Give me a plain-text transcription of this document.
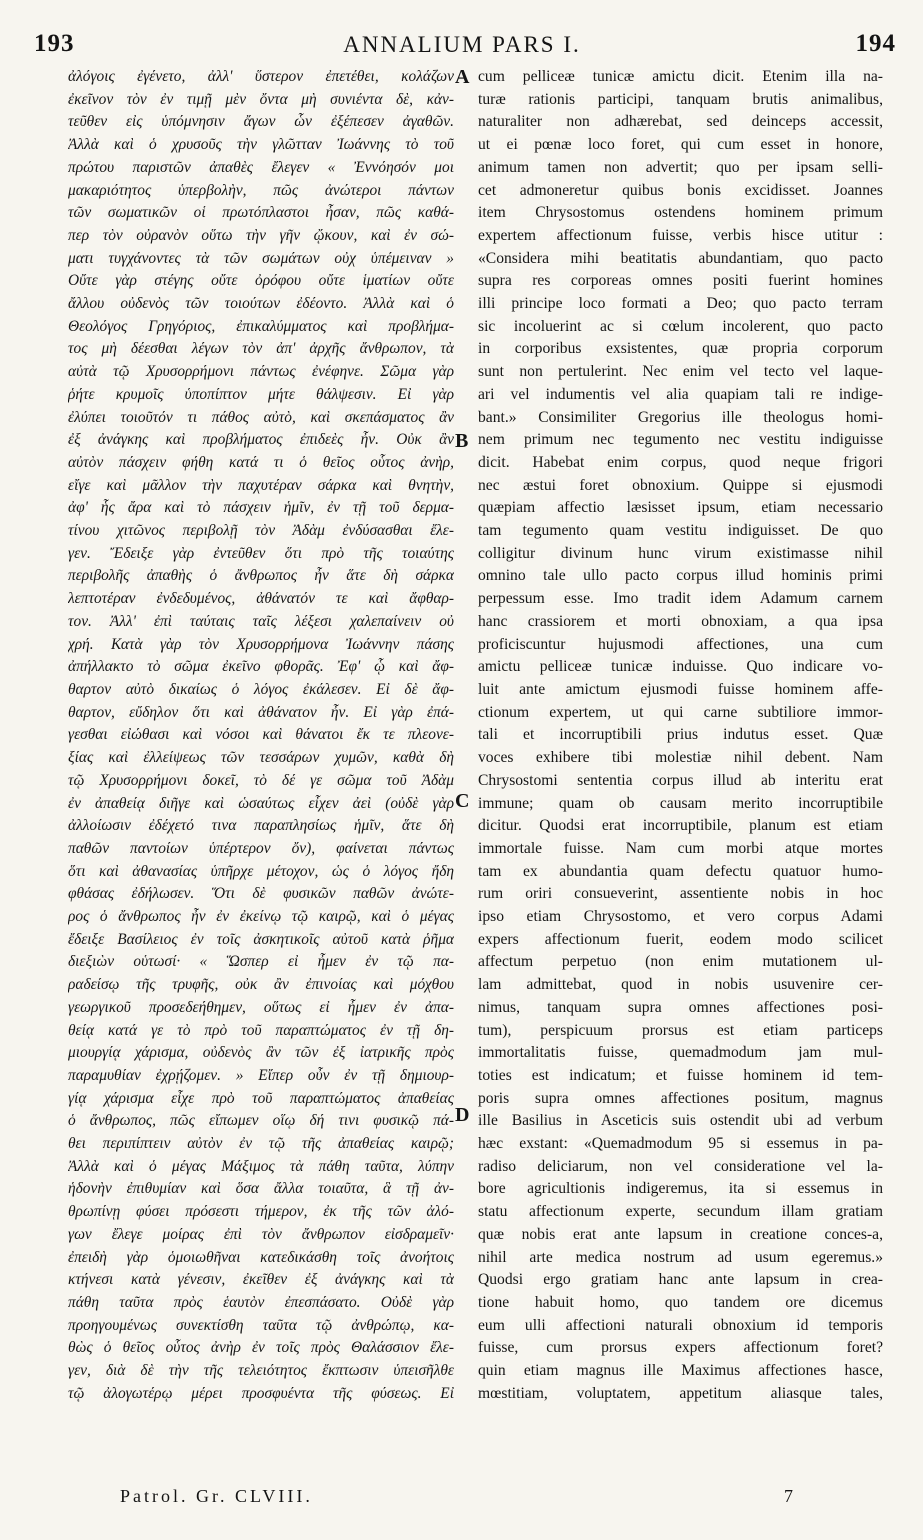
193	ANNALIUM PARS I.	194
ἀλόγοις ἐγένετο, ἀλλ' ὕστερον ἐπετέθει, κολάζων
ἐκεῖνον τὸν ἐν τιμῇ μὲν ὄντα μὴ συνιέντα δὲ, κἀν-
τεῦθεν εἰς ὑπόμνησιν ἄγων ὧν ἐξέπεσεν ἀγαθῶν.
Ἀλλὰ καὶ ὁ χρυσοῦς τὴν γλῶτταν Ἰωάννης τὸ τοῦ
πρώτου παριστῶν ἀπαθὲς ἔλεγεν « Ἐννόησόν μοι
μακαριότητος ὑπερβολὴν, πῶς ἀνώτεροι πάντων
τῶν σωματικῶν οἱ πρωτόπλαστοι ἦσαν, πῶς καθά-
περ τὸν οὐρανὸν οὕτω τὴν γῆν ᾤκουν, καὶ ἐν σώ-
ματι τυγχάνοντες τὰ τῶν σωμάτων οὐχ ὑπέμειναν »
Οὔτε γὰρ στέγης οὔτε ὀρόφου οὔτε ἱματίων οὔτε
ἄλλου οὐδενὸς τῶν τοιούτων ἐδέοντο. Ἀλλὰ καὶ ὁ
Θεολόγος Γρηγόριος, ἐπικαλύμματος καὶ προβλήμα-
τος μὴ δέεσθαι λέγων τὸν ἀπ' ἀρχῆς ἄνθρωπον, τὰ
αὐτὰ τῷ Χρυσορρήμονι πάντως ἐνέφηνε. Σῶμα γὰρ
ῥήτε κρυμοῖς ὑποπίπτον μήτε θάλψεσιν. Εἰ γὰρ
ἐλύπει τοιοῦτόν τι πάθος αὐτὸ, καὶ σκεπάσματος ἂν
ἐξ ἀνάγκης καὶ προβλήματος ἐπιδεὲς ἦν. Οὐκ ἂν
αὐτὸν πάσχειν φήθη κατά τι ὁ θεῖος οὗτος ἀνὴρ,
εἴγε καὶ μᾶλλον τὴν παχυτέραν σάρκα καὶ θνητὴν,
ἀφ' ἧς ἄρα καὶ τὸ πάσχειν ἡμῖν, ἐν τῇ τοῦ δερμα-
τίνου χιτῶνος περιβολῇ τὸν Ἀδὰμ ἐνδύσασθαι ἔλε-
γεν. Ἔδειξε γὰρ ἐντεῦθεν ὅτι πρὸ τῆς τοιαύτης
περιβολῆς ἀπαθὴς ὁ ἄνθρωπος ἦν ἅτε δὴ σάρκα
λεπτοτέραν ἐνδεδυμένος, ἀθάνατόν τε καὶ ἄφθαρ-
τον. Ἀλλ' ἐπὶ ταύταις ταῖς λέξεσι χαλεπαίνειν οὐ
χρή. Κατὰ γὰρ τὸν Χρυσορρήμονα Ἰωάννην πάσης
ἀπήλλακτο τὸ σῶμα ἐκεῖνο φθορᾶς. Ἐφ' ᾧ καὶ ἄφ-
θαρτον αὐτὸ δικαίως ὁ λόγος ἐκάλεσεν. Εἰ δὲ ἄφ-
θαρτον, εὔδηλον ὅτι καὶ ἀθάνατον ἦν. Εἰ γὰρ ἐπά-
γεσθαι εἰώθασι καὶ νόσοι καὶ θάνατοι ἔκ τε πλεονε-
ξίας καὶ ἐλλείψεως τῶν τεσσάρων χυμῶν, καθὰ δὴ
τῷ Χρυσορρήμονι δοκεῖ, τὸ δέ γε σῶμα τοῦ Ἀδὰμ
ἐν ἀπαθείᾳ διῆγε καὶ ὡσαύτως εἶχεν ἀεὶ (οὐδὲ γὰρ
ἀλλοίωσιν ἐδέχετό τινα παραπλησίως ἡμῖν, ἅτε δὴ
παθῶν παντοίων ὑπέρτερον ὄν), φαίνεται πάντως
ὅτι καὶ ἀθανασίας ὑπῆρχε μέτοχον, ὡς ὁ λόγος ἤδη
φθάσας ἐδήλωσεν. Ὅτι δὲ φυσικῶν παθῶν ἀνώτε-
ρος ὁ ἄνθρωπος ἦν ἐν ἐκείνῳ τῷ καιρῷ, καὶ ὁ μέγας
ἔδειξε Βασίλειος ἐν τοῖς ἀσκητικοῖς αὐτοῦ κατὰ ῥῆμα
διεξιὼν οὑτωσί· « Ὥσπερ εἰ ἦμεν ἐν τῷ πα-
ραδείσῳ τῆς τρυφῆς, οὐκ ἂν ἐπινοίας καὶ μόχθου
γεωργικοῦ προσεδεήθημεν, οὕτως εἰ ἦμεν ἐν ἀπα-
θείᾳ κατά γε τὸ πρὸ τοῦ παραπτώματος ἐν τῇ δη-
μιουργίᾳ χάρισμα, οὐδενὸς ἂν τῶν ἐξ ἰατρικῆς πρὸς
παραμυθίαν ἐχρῄζομεν. » Εἴπερ οὖν ἐν τῇ δημιουρ-
γίᾳ χάρισμα εἶχε πρὸ τοῦ παραπτώματος ἀπαθείας
ὁ ἄνθρωπος, πῶς εἴπωμεν οἵῳ δή τινι φυσικῷ πά-
θει περιπίπτειν αὐτὸν ἐν τῷ τῆς ἀπαθείας καιρῷ;
Ἀλλὰ καὶ ὁ μέγας Μάξιμος τὰ πάθη ταῦτα, λύπην
ἡδονὴν ἐπιθυμίαν καὶ ὅσα ἄλλα τοιαῦτα, ἃ τῇ ἀν-
θρωπίνῃ φύσει πρόσεστι τήμερον, ἐκ τῆς τῶν ἀλό-
γων ἔλεγε μοίρας ἐπὶ τὸν ἄνθρωπον εἰσδραμεῖν·
ἐπειδὴ γὰρ ὁμοιωθῆναι κατεδικάσθη τοῖς ἀνοήτοις
κτήνεσι κατὰ γένεσιν, ἐκεῖθεν ἐξ ἀνάγκης καὶ τὰ
πάθη ταῦτα πρὸς ἑαυτὸν ἐπεσπάσατο. Οὐδὲ γὰρ
προηγουμένως συνεκτίσθη ταῦτα τῷ ἀνθρώπῳ, κα-
θὼς ὁ θεῖος οὗτος ἀνὴρ ἐν τοῖς πρὸς Θαλάσσιον ἔλε-
γεν, διὰ δὲ τὴν τῆς τελειότητος ἔκπτωσιν ὑπεισῆλθε
τῷ ἀλογωτέρῳ μέρει προσφυέντα τῆς φύσεως. Εἰ
cum pelliceæ tunicæ amictu dicit. Etenim illa na-
turæ rationis participi, tanquam brutis animalibus,
naturaliter non adhærebat, sed deinceps accessit,
ut ei pœnæ loco foret, qui cum esset in honore,
animum tamen non advertit; quo per ipsam selli-
cet admoneretur quibus bonis excidisset. Joannes
item Chrysostomus ostendens hominem primum
expertem affectionum fuisse, verbis hisce utitur :
«Considera mihi beatitatis abundantiam, quo pacto
supra res corporeas omnes positi fuerint homines
illi principe loco formati a Deo; quo pacto terram
sic incoluerint ac si cœlum incolerent, quo pacto
in corporibus exsistentes, quæ propria corporum
sunt non pertulerint. Nec enim vel tecto vel laque-
ari vel indumentis vel alia quapiam tali re indige-
bant.» Consimiliter Gregorius ille theologus homi-
nem primum nec tegumento nec vestitu indiguisse
dicit. Habebat enim corpus, quod neque frigori
nec æstui foret obnoxium. Quippe si ejusmodi
quæpiam affectio læsisset ipsum, etiam necessario
tam tegumento quam vestitu indiguisset. De quo
colligitur divinum hunc virum existimasse nihil
omnino tale ullo pacto corpus illud hominis primi
perpessum esse. Imo tradit idem Adamum carnem
hanc crassiorem et morti obnoxiam, a qua ipsa
proficiscuntur hujusmodi affectiones, una cum
amictu pelliceæ tunicæ induisse. Quo indicare vo-
luit ante amictum ejusmodi fuisse hominem affe-
ctionum expertem, ut qui carne subtiliore immor-
tali et incorruptibili prius indutus esset. Quæ
voces exhibere tibi molestiæ nihil debent. Nam
Chrysostomi sententia corpus illud ab interitu erat
immune; quam ob causam merito incorruptibile
dicitur. Quodsi erat incorruptibile, planum est etiam
immortale fuisse. Nam cum morbi atque mortes
tam ex abundantia quam defectu quatuor humo-
rum oriri consueverint, assentiente nobis in hoc
ipso etiam Chrysostomo, et vero corpus Adami
expers affectionum fuerit, eodem modo scilicet
affectum perpetuo (non enim mutationem ul-
lam admittebat, quod in nobis usuvenire cer-
nimus, tanquam supra omnes affectiones posi-
tum), perspicuum prorsus est etiam particeps
immortalitatis fuisse, quemadmodum jam mul-
toties est indicatum; et fuisse hominem id tem-
poris supra omnes affectiones positum, magnus
ille Basilius in Asceticis suis ostendit ubi ad verbum
hæc exstant: «Quemadmodum 95 si essemus in pa-
radiso deliciarum, non vel consideratione vel la-
bore agricultionis indigeremus, ita si essemus in
statu affectionum experte, secundum illam gratiam
quæ nobis erat ante lapsum in creatione conces-a,
nihil arte medica nostrum ad usum egeremus.»
Quodsi ergo gratiam hanc ante lapsum in crea-
tione habuit homo, quo tandem ore dicemus
eum ulli affectioni naturali obnoxium id temporis
fuisse, cum prorsus expers affectionum foret?
quin etiam magnus ille Maximus affectiones hasce,
mœstitiam, voluptatem, appetitum aliasque tales,
A
B
C
D
Patrol. Gr. CLVIII.	7
